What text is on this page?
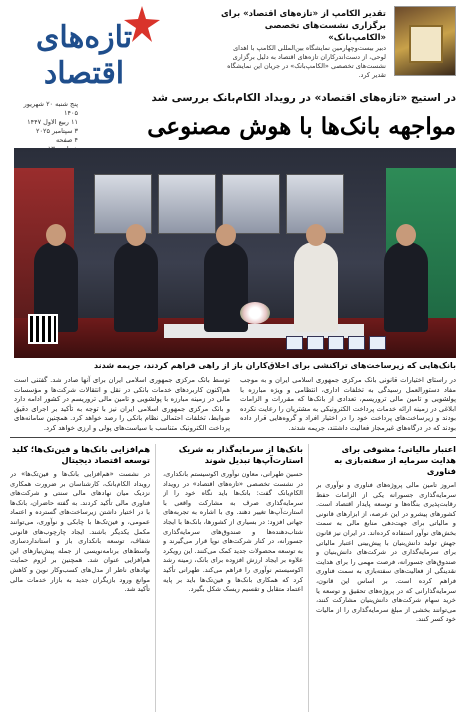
تازه‌های اقتصاد
تقدیر الکامپ از «تازه‌های اقتصاد» برای برگزاری نشست‌های تخصصی «الکامپ‌بانک»
دبیر بیست‌وچهارمین نمایشگاه بین‌المللی الکامپ با اهدای لوحی، از دست‌اندرکاران تازه‌های اقتصاد به دلیل برگزاری نشست‌های تخصصی «الکامپ‌بانک» در جریان این نمایشگاه تقدیر کرد.
پنج شنبه ۲۰ شهریور ۱۴۰۵
۱۱ ربیع الاول ۱۴۴۷
۳ سپتامبر ۲۰۲۵
۴ صفحه
در استیج «تازه‌های اقتصاد» در رویداد الکام‌بانک بررسی شد
مواجهه بانک‌ها با هوش مصنوعی
بانک‌هایی که زیرساخت‌های تراکنشی برای اخلاق‌کاران باز از راهی فراهم کردند، جریمه شدند
در راستای اختیارات قانونی بانک مرکزی جمهوری اسلامی ایران و به موجب مفاد دستورالعمل رسیدگی به تخلفات اداری، انتظامی و ویژه مبارزه با پولشویی و تامین مالی تروریسم، تعدادی از بانک‌ها که مقررات و الزامات ابلاغی در زمینه ارائه خدمات پرداخت الکترونیکی به مشتریان را رعایت نکرده بودند و زیرساخت‌های پرداخت خود را در اختیار افراد و گروه‌هایی قرار داده بودند که در درگاه‌های غیرمجاز فعالیت داشتند، جریمه شدند.
توسط بانک مرکزی جمهوری اسلامی ایران برای آنها صادر شد. گفتنی است هم‌اکنون کاربردهای خدمات بانکی در نقل و انتقالات شرکت‌ها و مؤسسات مالی در زمینه مبارزه با پولشویی و تامین مالی تروریسم در کشور ادامه دارد و بانک مرکزی جمهوری اسلامی ایران نیز با توجه به تأکید بر اجرای دقیق ضوابط، تخلفات احتمالی نظام بانکی را رصد خواهد کرد. همچنین سامانه‌های پرداخت الکترونیک متناسب با سیاست‌های پولی و ارزی خواهد کرد.
اعتبار مالیاتی؛ مشوقی برای هدایت سرمایه از سفته‌بازی به فناوری

امروز تامین مالی پروژه‌های فناوری و نوآوری بر سرمایه‌گذاری جسورانه یکی از الزامات حفظ رقابت‌پذیری بنگاه‌ها و توسعه پایدار اقتصاد است. کشورهای پیشرو در این عرصه، از ابزارهای قانونی و مالیاتی برای جهت‌دهی منابع مالی به سمت بخش‌های نوآور استفاده کرده‌اند. در ایران نیز قانون جهش تولید دانش‌بنیان با پیش‌بینی اعتبار مالیاتی برای سرمایه‌گذاری در شرکت‌های دانش‌بنیان و صندوق‌های جسورانه، فرصت مهمی را برای هدایت نقدینگی از فعالیت‌های سفته‌بازی به سمت فناوری فراهم کرده است. بر اساس این قانون، سرمایه‌گذارانی که در پروژه‌های تحقیق و توسعه یا خرید سهام شرکت‌های دانش‌بنیان مشارکت کنند، می‌توانند بخشی از مبلغ سرمایه‌گذاری را از مالیات خود کسر کنند.

بانک‌ها از سرمایه‌گذار به شریک استارت‌آپ‌ها تبدیل شوند

حسین طهرانی، معاون نوآوری اکوسیستم بانکداری، در نشست تخصصی «تازه‌های اقتصاد» در رویداد الکام‌بانک گفت: بانک‌ها باید نگاه خود را از سرمایه‌گذاری صرف به مشارکت واقعی با استارت‌آپ‌ها تغییر دهند. وی با اشاره به تجربه‌های جهانی افزود: در بسیاری از کشورها، بانک‌ها با ایجاد شتاب‌دهنده‌ها و صندوق‌های سرمایه‌گذاری جسورانه، در کنار شرکت‌های نوپا قرار می‌گیرند و به توسعه محصولات جدید کمک می‌کنند. این رویکرد علاوه بر ایجاد ارزش افزوده برای بانک، زمینه رشد اکوسیستم نوآوری را فراهم می‌کند. طهرانی تأکید کرد که همکاری بانک‌ها و فین‌تک‌ها باید بر پایه اعتماد متقابل و تقسیم ریسک شکل بگیرد.

هم‌افزایی بانک‌ها و فین‌تک‌ها؛ کلید توسعه اقتصاد دیجیتال

در نشست «هم‌افزایی بانک‌ها و فین‌تک‌ها» در رویداد الکام‌بانک، کارشناسان بر ضرورت همکاری نزدیک میان نهادهای مالی سنتی و شرکت‌های فناوری مالی تأکید کردند. به گفته حاضران، بانک‌ها با در اختیار داشتن زیرساخت‌های گسترده و اعتماد عمومی، و فین‌تک‌ها با چابکی و نوآوری، می‌توانند مکمل یکدیگر باشند. ایجاد چارچوب‌های قانونی شفاف، توسعه بانکداری باز و استانداردسازی واسط‌های برنامه‌نویسی از جمله پیش‌نیازهای این هم‌افزایی عنوان شد. همچنین بر لزوم حمایت نهادهای ناظر از مدل‌های کسب‌وکار نوین و کاهش موانع ورود بازیگران جدید به بازار خدمات مالی تأکید شد.
